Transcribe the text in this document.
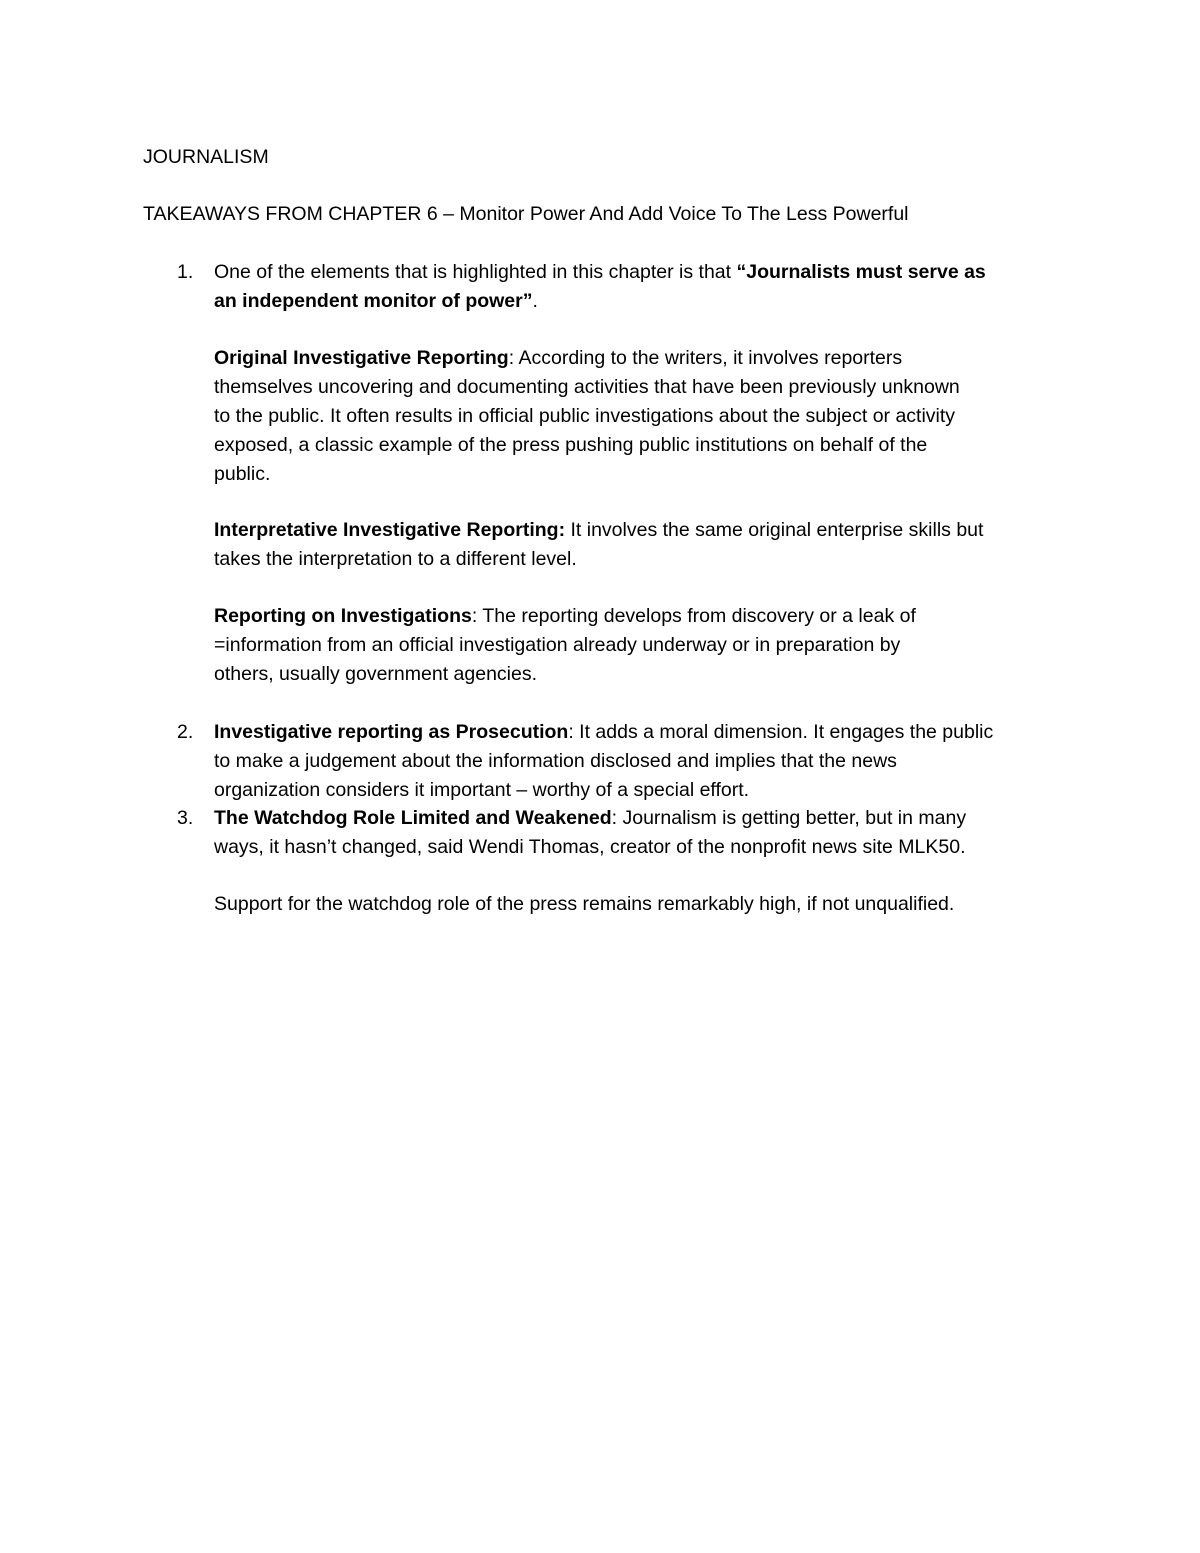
JOURNALISM
TAKEAWAYS FROM CHAPTER 6 – Monitor Power And Add Voice To The Less Powerful
1. One of the elements that is highlighted in this chapter is that “Journalists must serve as
an independent monitor of power”.
Original Investigative Reporting: According to the writers, it involves reporters
themselves uncovering and documenting activities that have been previously unknown
to the public. It often results in official public investigations about the subject or activity
exposed, a classic example of the press pushing public institutions on behalf of the
public.
Interpretative Investigative Reporting: It involves the same original enterprise skills but
takes the interpretation to a different level.
Reporting on Investigations: The reporting develops from discovery or a leak of
=information from an official investigation already underway or in preparation by
others, usually government agencies.
2. Investigative reporting as Prosecution: It adds a moral dimension. It engages the public
to make a judgement about the information disclosed and implies that the news
organization considers it important – worthy of a special effort.
3. The Watchdog Role Limited and Weakened: Journalism is getting better, but in many
ways, it hasn’t changed, said Wendi Thomas, creator of the nonprofit news site MLK50.
Support for the watchdog role of the press remains remarkably high, if not unqualified.
